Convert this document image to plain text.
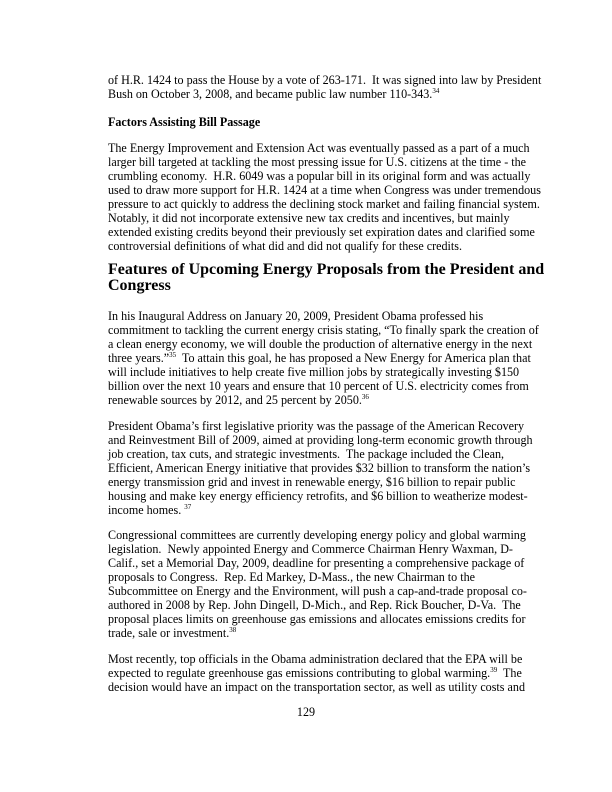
of H.R. 1424 to pass the House by a vote of 263-171.  It was signed into law by President
Bush on October 3, 2008, and became public law number 110-343.34
Factors Assisting Bill Passage
The Energy Improvement and Extension Act was eventually passed as a part of a much
larger bill targeted at tackling the most pressing issue for U.S. citizens at the time - the
crumbling economy.  H.R. 6049 was a popular bill in its original form and was actually
used to draw more support for H.R. 1424 at a time when Congress was under tremendous
pressure to act quickly to address the declining stock market and failing financial system.
Notably, it did not incorporate extensive new tax credits and incentives, but mainly
extended existing credits beyond their previously set expiration dates and clarified some
controversial definitions of what did and did not qualify for these credits.
Features of Upcoming Energy Proposals from the President and
Congress
In his Inaugural Address on January 20, 2009, President Obama professed his
commitment to tackling the current energy crisis stating, “To finally spark the creation of
a clean energy economy, we will double the production of alternative energy in the next
three years.”$^{35}$  To attain this goal, he has proposed a New Energy for America plan that
will include initiatives to help create five million jobs by strategically investing $150
billion over the next 10 years and ensure that 10 percent of U.S. electricity comes from
renewable sources by 2012, and 25 percent by 2050.36
President Obama’s first legislative priority was the passage of the American Recovery
and Reinvestment Bill of 2009, aimed at providing long-term economic growth through
job creation, tax cuts, and strategic investments.  The package included the Clean,
Efficient, American Energy initiative that provides $32 billion to transform the nation’s
energy transmission grid and invest in renewable energy, $16 billion to repair public
housing and make key energy efficiency retrofits, and $6 billion to weatherize modest-
income homes. $^{37}$
Congressional committees are currently developing energy policy and global warming
legislation.  Newly appointed Energy and Commerce Chairman Henry Waxman, D-
Calif., set a Memorial Day, 2009, deadline for presenting a comprehensive package of
proposals to Congress.  Rep. Ed Markey, D-Mass., the new Chairman to the
Subcommittee on Energy and the Environment, will push a cap-and-trade proposal co-
authored in 2008 by Rep. John Dingell, D-Mich., and Rep. Rick Boucher, D-Va.  The
proposal places limits on greenhouse gas emissions and allocates emissions credits for
trade, sale or investment.$^{38}$
Most recently, top officials in the Obama administration declared that the EPA will be
expected to regulate greenhouse gas emissions contributing to global warming.$^{39}$  The
decision would have an impact on the transportation sector, as well as utility costs and
129
